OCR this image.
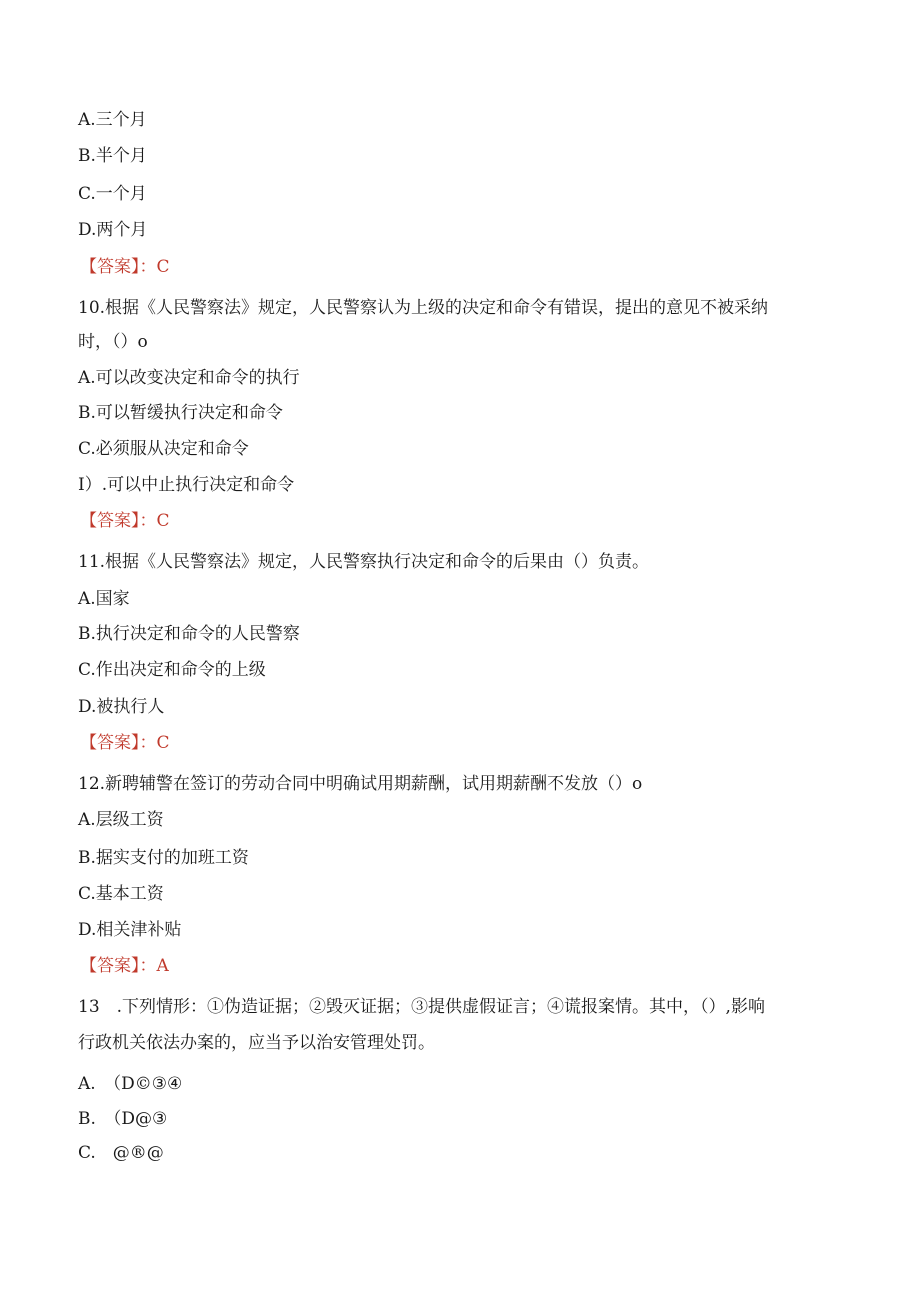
A.三个月
B.半个月
C.一个月
D.两个月
【答案】：C
10.根据《人民警察法》规定，人民警察认为上级的决定和命令有错误，提出的意见不被采纳
时，（）o
A.可以改变决定和命令的执行
B.可以暂缓执行决定和命令
C.必须服从决定和命令
I）.可以中止执行决定和命令
【答案】：C
11.根据《人民警察法》规定，人民警察执行决定和命令的后果由（）负责。
A.国家
B.执行决定和命令的人民警察
C.作出决定和命令的上级
D.被执行人
【答案】：C
12.新聘辅警在签订的劳动合同中明确试用期薪酬，试用期薪酬不发放（）o
A.层级工资
B.据实支付的加班工资
C.基本工资
D.相关津补贴
【答案】：A
13　.下列情形：①伪造证据；②毁灭证据；③提供虚假证言；④谎报案情。其中，（）,影响
行政机关依法办案的，应当予以治安管理处罚。
A.　（D©③④
B.　（D@③
C.　@®@
